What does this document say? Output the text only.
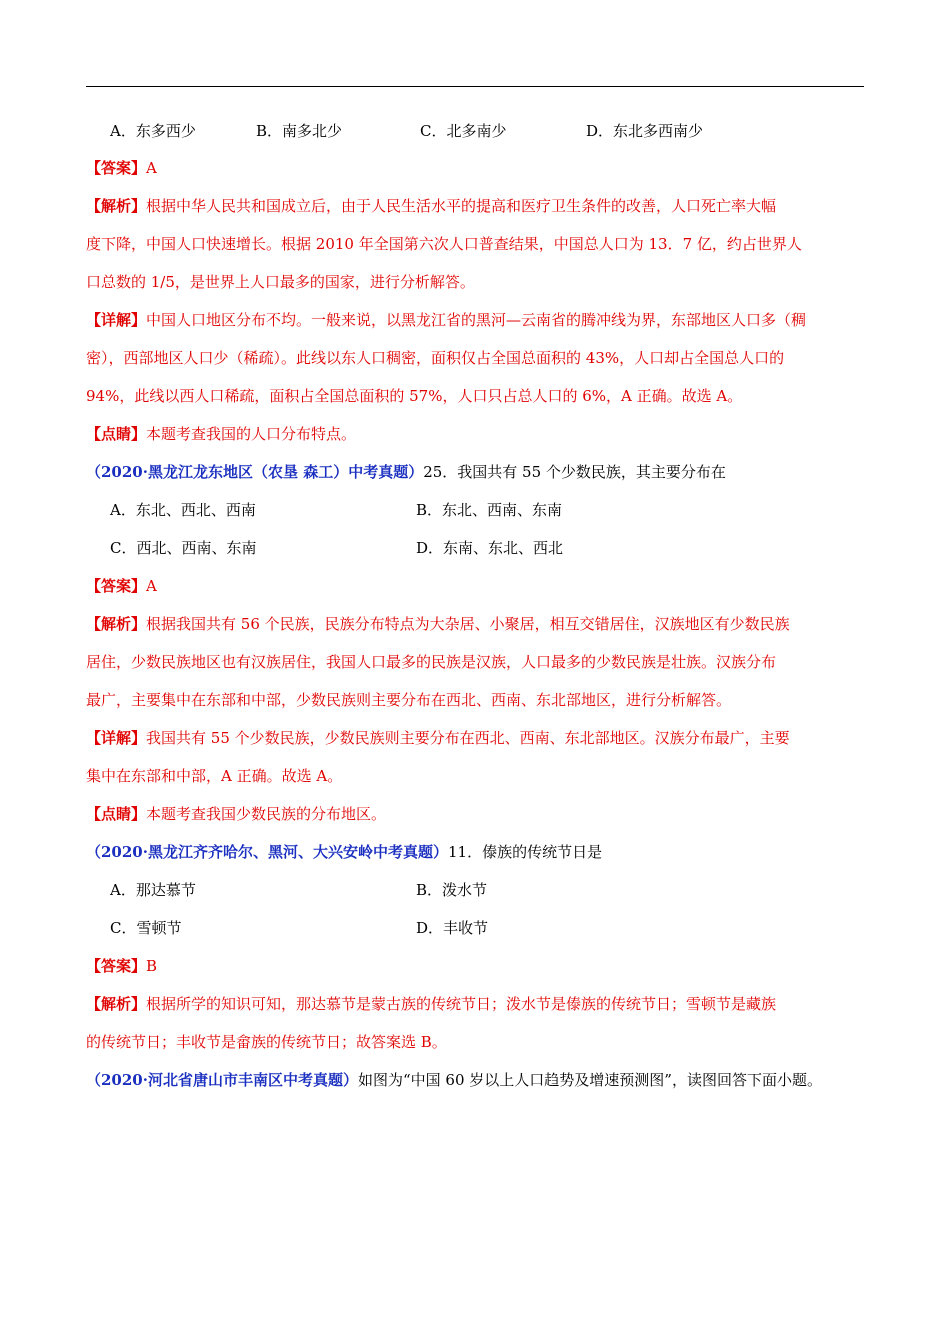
A．东多西少	B．南多北少	C．北多南少	D．东北多西南少
【答案】A
【解析】根据中华人民共和国成立后，由于人民生活水平的提高和医疗卫生条件的改善，人口死亡率大幅
度下降，中国人口快速增长。根据 2010 年全国第六次人口普查结果，中国总人口为 13．7 亿，约占世界人
口总数的 1/5，是世界上人口最多的国家，进行分析解答。
【详解】中国人口地区分布不均。一般来说，以黑龙江省的黑河—云南省的腾冲线为界，东部地区人口多（稠
密），西部地区人口少（稀疏）。此线以东人口稠密，面积仅占全国总面积的 43%，人口却占全国总人口的
94%，此线以西人口稀疏，面积占全国总面积的 57%，人口只占总人口的 6%，A 正确。故选 A。
【点睛】本题考查我国的人口分布特点。
（2020·黑龙江龙东地区（农垦 森工）中考真题）25．我国共有 55 个少数民族，其主要分布在
A．东北、西北、西南	B．东北、西南、东南
C．西北、西南、东南	D．东南、东北、西北
【答案】A
【解析】根据我国共有 56 个民族，民族分布特点为大杂居、小聚居，相互交错居住，汉族地区有少数民族
居住，少数民族地区也有汉族居住，我国人口最多的民族是汉族，人口最多的少数民族是壮族。汉族分布
最广，主要集中在东部和中部，少数民族则主要分布在西北、西南、东北部地区，进行分析解答。
【详解】我国共有 55 个少数民族，少数民族则主要分布在西北、西南、东北部地区。汉族分布最广，主要
集中在东部和中部，A 正确。故选 A。
【点睛】本题考查我国少数民族的分布地区。
（2020·黑龙江齐齐哈尔、黑河、大兴安岭中考真题）11．傣族的传统节日是
A．那达慕节	B．泼水节
C．雪顿节	D．丰收节
【答案】B
【解析】根据所学的知识可知，那达慕节是蒙古族的传统节日；泼水节是傣族的传统节日；雪顿节是藏族
的传统节日；丰收节是畲族的传统节日；故答案选 B。
（2020·河北省唐山市丰南区中考真题）如图为“中国 60 岁以上人口趋势及增速预测图”，读图回答下面小题。
